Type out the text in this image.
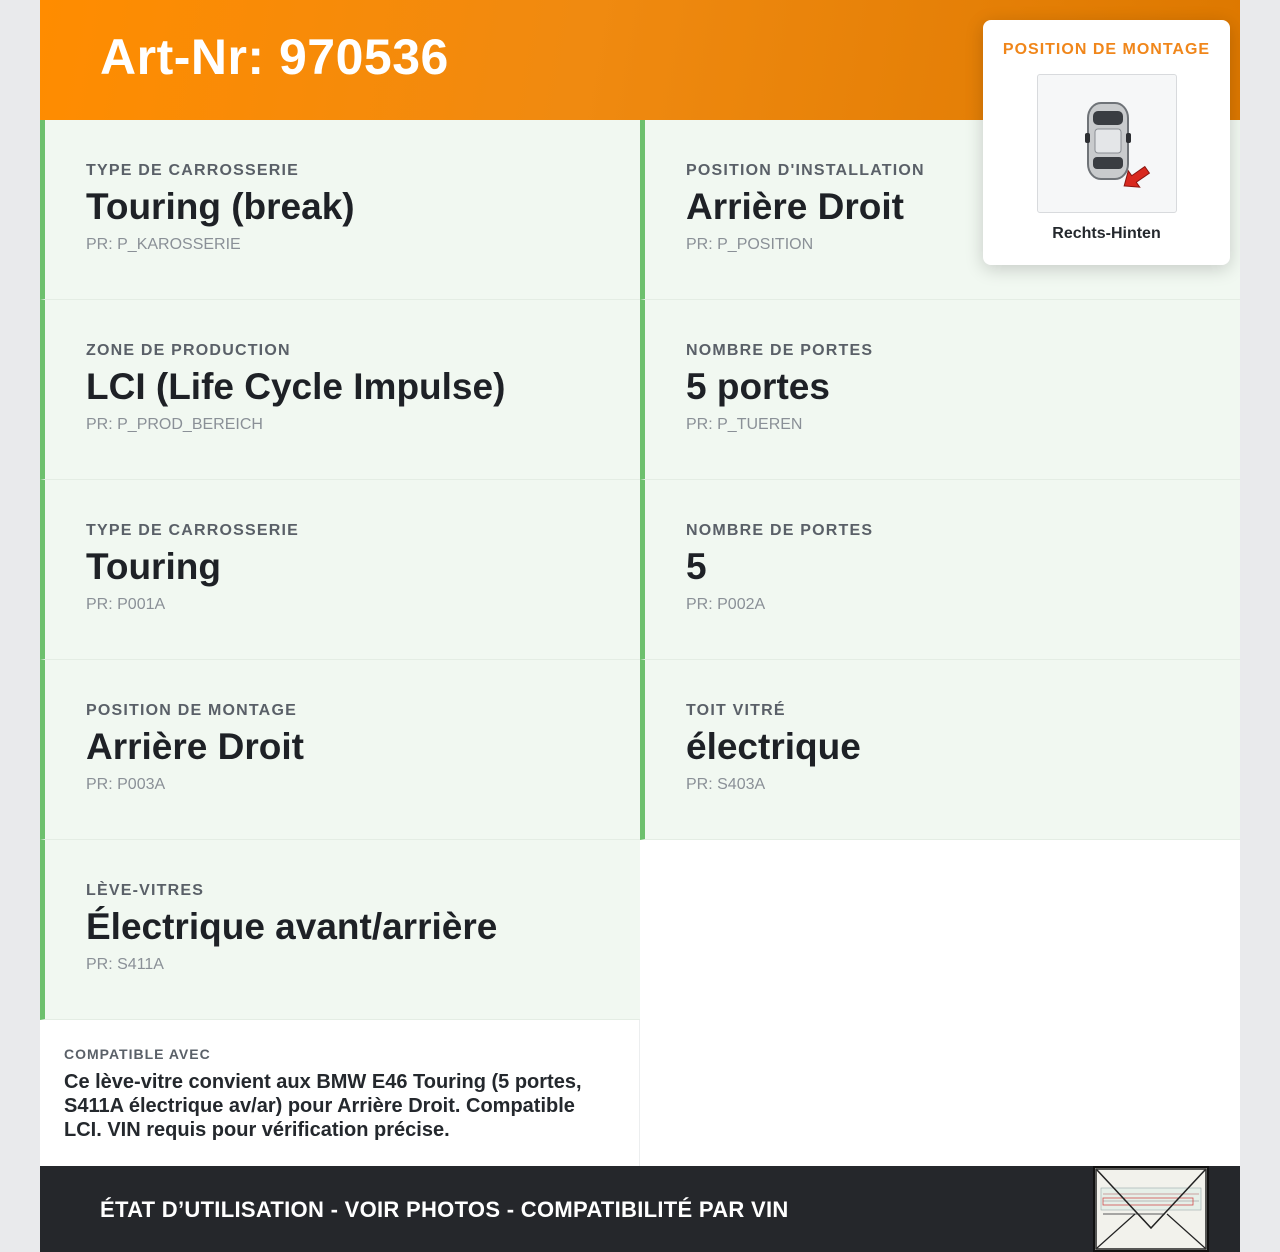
Art-Nr: 970536
TYPE DE CARROSSERIE
Touring (break)
PR: P_KAROSSERIE
POSITION D'INSTALLATION
Arrière Droit
PR: P_POSITION
ZONE DE PRODUCTION
LCI (Life Cycle Impulse)
PR: P_PROD_BEREICH
NOMBRE DE PORTES
5 portes
PR: P_TUEREN
TYPE DE CARROSSERIE
Touring
PR: P001A
NOMBRE DE PORTES
5
PR: P002A
POSITION DE MONTAGE
Arrière Droit
PR: P003A
TOIT VITRÉ
électrique
PR: S403A
LÈVE-VITRES
Électrique avant/arrière
PR: S411A
COMPATIBLE AVEC
Ce lève-vitre convient aux BMW E46 Touring (5 portes, S411A électrique av/ar) pour Arrière Droit. Compatible LCI. VIN requis pour vérification précise.
ÉTAT D’UTILISATION - VOIR PHOTOS - COMPATIBILITÉ PAR VIN
POSITION DE MONTAGE
Rechts-Hinten
